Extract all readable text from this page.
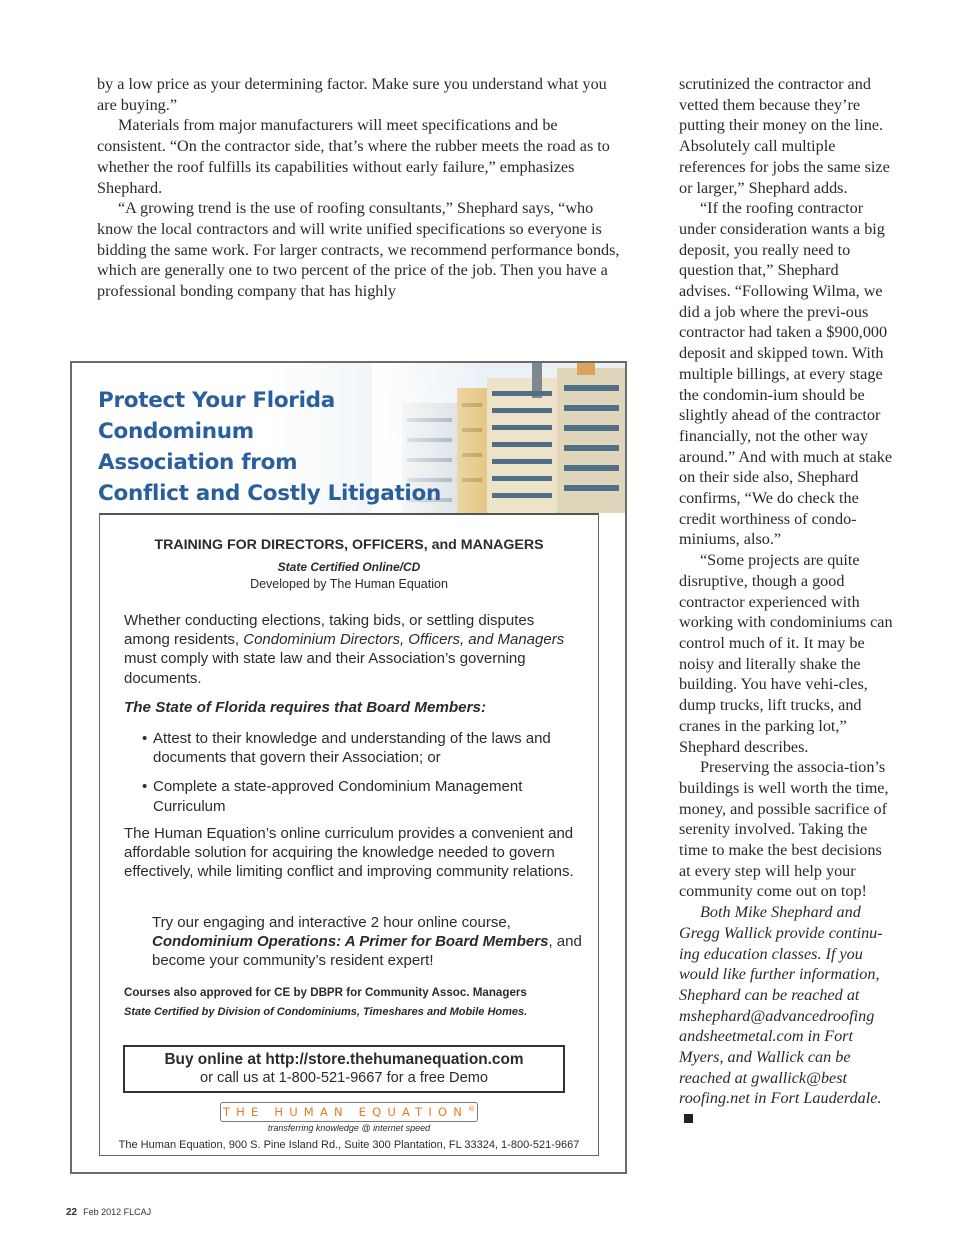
by a low price as your determining factor. Make sure you understand what you are buying.”

Materials from major manufacturers will meet specifications and be consistent. “On the contractor side, that’s where the rubber meets the road as to whether the roof fulfills its capabilities without early failure,” emphasizes Shephard.

“A growing trend is the use of roofing consultants,” Shephard says, “who know the local contractors and will write unified specifications so everyone is bidding the same work. For larger contracts, we recommend performance bonds, which are generally one to two percent of the price of the job. Then you have a professional bonding company that has highly

scrutinized the contractor and vetted them because they’re putting their money on the line. Absolutely call multiple references for jobs the same size or larger,” Shephard adds.

“If the roofing contractor under consideration wants a big deposit, you really need to question that,” Shephard advises. “Following Wilma, we did a job where the previ-ous contractor had taken a $900,000 deposit and skipped town. With multiple billings, at every stage the condomin-ium should be slightly ahead of the contractor financially, not the other way around.” And with much at stake on their side also, Shephard confirms, “We do check the credit worthiness of condo-miniums, also.”

“Some projects are quite disruptive, though a good contractor experienced with working with condominiums can control much of it. It may be noisy and literally shake the building. You have vehi-cles, dump trucks, lift trucks, and cranes in the parking lot,” Shephard describes.

Preserving the associa-tion’s buildings is well worth the time, money, and possible sacrifice of serenity involved. Taking the time to make the best decisions at every step will help your community come out on top!

Both Mike Shephard and Gregg Wallick provide continu-ing education classes. If you would like further information, Shephard can be reached at mshephard@advancedroofing andsheetmetal.com in Fort Myers, and Wallick can be reached at gwallick@best roofing.net in Fort Lauderdale.

Protect Your Florida Condominum
Association from
Conflict and Costly Litigation
TRAINING FOR DIRECTORS, OFFICERS, and MANAGERS
State Certified Online/CD
Developed by The Human Equation
Whether conducting elections, taking bids, or settling disputes among residents, Condominium Directors, Officers, and Managers must comply with state law and their Association’s governing documents.
The State of Florida requires that Board Members:
• Attest to their knowledge and understanding of the laws and documents that govern their Association; or
• Complete a state-approved Condominium Management Curriculum
The Human Equation’s online curriculum provides a convenient and affordable solution for acquiring the knowledge needed to govern effectively, while limiting conflict and improving community relations.
Try our engaging and interactive 2 hour online course, Condominium Operations: A Primer for Board Members, and become your community’s resident expert!
Courses also approved for CE by DBPR for Community Assoc. Managers
State Certified by Division of Condominiums, Timeshares and Mobile Homes.
Buy online at http://store.thehumanequation.com
or call us at 1-800-521-9667 for a free Demo
THE HUMAN EQUATION®
transferring knowledge @ internet speed
The Human Equation, 900 S. Pine Island Rd., Suite 300 Plantation, FL 33324, 1-800-521-9667
22 Feb 2012 FLCAJ
